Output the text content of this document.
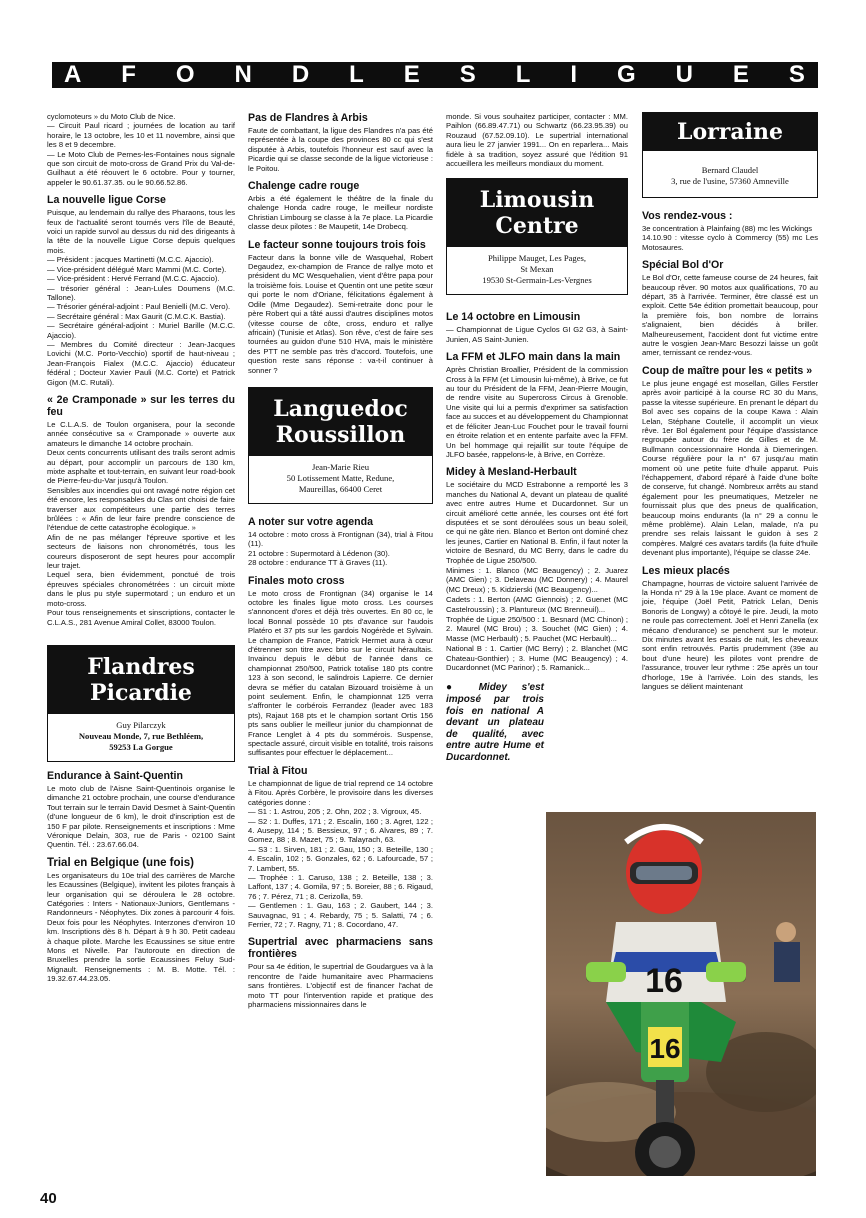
A F O N D L E S L I G U E S

cyclomoteurs » du Moto Club de Nice.
— Circuit Paul ricard ; journées de location au tarif horaire, le 13 octobre, les 10 et 11 novembre, ainsi que les 8 et 9 decembre.
— Le Moto Club de Pernes-les-Fontaines nous signale que son circuit de moto-cross de Grand Prix du Val-de-Guilhaut a été réouvert le 6 octobre. Pour y tourner, appeler le 90.61.37.35. ou le 90.66.52.86.

La nouvelle ligue Corse

Puisque, au lendemain du rallye des Pharaons, tous les feux de l'actualité seront tournés vers l'île de Beauté, voici un rapide survol au dessus du nid des dirigeants à la tête de la nouvelle Ligue Corse depuis quelques mois.
— Président : jacques Martinetti (M.C.C. Ajaccio).
— Vice-président délégué Marc Mammi (M.C. Corte).
— Vice-président : Hervé Ferrand (M.C.C. Ajaccio).
— trésorier général : Jean-Lules Doumens (M.C. Tallone).
— Trésorier général-adjoint : Paul Benielli (M.C. Vero).
— Secrétaire général : Max Gaurit (C.M.C.K. Bastia).
— Secrétaire général-adjoint : Muriel Barille (M.C.C. Ajaccio).
— Membres du Comité directeur : Jean-Jacques Lovichi (M.C. Porto-Vecchio) sportif de haut-niveau ; Jean-François Fialex (M.C.C. Ajaccio) éducateur fédéral ; Docteur Xavier Pauli (M.C. Corte) et Patrick Gigon (M.C. Rutali).

« 2e Cramponade » sur les terres du feu

Le C.L.A.S. de Toulon organisera, pour la seconde année consécutive sa « Cramponade » ouverte aux amateurs le dimanche 14 octobre prochain.
Deux cents concurrents utilisant des trails seront admis au départ, pour accomplir un parcours de 130 km, mixte asphalte et tout-terrain, en suivant leur road-book de Pierre-feu-du-Var jusqu'à Toulon.
Sensibles aux incendies qui ont ravagé notre région cet été encore, les responsables du Clas ont choisi de faire traverser aux compétiteurs une partie des terres brûlées : « Afin de leur faire prendre conscience de l'étendue de cette catastrophe écologique. »
Afin de ne pas mélanger l'épreuve sportive et les secteurs de liaisons non chronométrés, tous les coureurs disposeront de sept heures pour accomplir leur trajet.
Lequel sera, bien évidemment, ponctué de trois épreuves spéciales chronométrées : un circuit mixte dans le plus pu style supermotard ; un enduro et un moto-cross.
Pour tous renseignements et sinscriptions, contacter le C.L.A.S., 281 Avenue Amiral Collet, 83000 Toulon.

Flandres
Picardie
Guy Pilarczyk
Nouveau Monde, 7, rue Bethléem,
59253 La Gorgue
Endurance à Saint-Quentin

Le moto club de l'Aisne Saint-Quentinois organise le dimanche 21 octobre prochain, une course d'endurance Tout terrain sur le terrain David Desmet à Saint-Quentin (d'une longueur de 6 km), le droit d'inscription est de 150 F par pilote. Renseignements et inscriptions : Mme Véronique Delain, 303, rue de Paris - 02100 Saint Quentin. Tél. : 23.67.66.04.

Trial en Belgique (une fois)

Les organisateurs du 10e trial des carrières de Marche les Ecaussines (Belgique), invitent les pilotes français à leur organisation qui se déroulera le 28 octobre. Catégories : Inters - Nationaux-Juniors, Gentlemans - Randonneurs - Néophytes. Dix zones à parcourir 4 fois. Deux fois pour les Néophytes. Interzones d'environ 10 km. Inscriptions dès 8 h. Départ à 9 h 30. Petit cadeau à chaque pilote. Marche les Ecaussines se situe entre Mons et Nivelle. Par l'autoroute en direction de Bruxelles prendre la sortie Ecaussines Feluy Sud-Mignault. Renseignements : M. B. Motte. Tél. : 19.32.67.44.23.05.

Pas de Flandres à Arbis

Faute de combattant, la ligue des Flandres n'a pas été représentée à la coupe des provinces 80 cc qui s'est disputée à Arbis, toutefois l'honneur est sauf avec la Picardie qui se classe seconde de la ligue victorieuse : le Poitou.

Chalenge cadre rouge

Arbis a été également le théâtre de la finale du chalenge Honda cadre rouge, le meilleur nordiste Christian Limbourg se classe à la 7e place. La Picardie classe deux pilotes : 8e Maupetit, 14e Drobecq.

Le facteur sonne toujours trois fois

Facteur dans la bonne ville de Wasquehal, Robert Degaudez, ex-champion de France de rallye moto et président du MC Wesquehalien, vient d'être papa pour la troisième fois. Louise et Quentin ont une petite sœur qui porte le nom d'Oriane, félicitations également à Odile (Mme Degaudez). Semi-retraite donc pour le père Robert qui a tâté aussi d'autres disciplines motos (vitesse course de côte, cross, enduro et rallye africain) (Tunisie et Atlas). Son rêve, c'est de faire ses tournées au guidon d'une 510 HVA, mais le ministère des PTT ne semble pas très d'accord. Toutefois, une question reste sans réponse : va-t-il continuer à sonner ?

Languedoc
Roussillon
Jean-Marie Rieu
50 Lotissement Matte, Redune,
Maureillas, 66400 Ceret
A noter sur votre agenda

14 octobre : moto cross à Frontignan (34), trial à Fitou (11).
21 octobre : Supermotard à Lédenon (30).
28 octobre : endurance TT à Graves (11).

Finales moto cross

Le moto cross de Frontignan (34) organise le 14 octobre les finales ligue moto cross. Les courses s'annoncent d'ores et déjà très ouvertes. En 80 cc, le local Bonnal possède 10 pts d'avance sur l'audois Platéro et 37 pts sur les gardois Nogérède et Sylvain. Le champion de France, Patrick Hermet aura à cœur d'étrenner son titre avec brio sur le circuit héraultais. Invaincu depuis le début de l'année dans ce championnat 250/500, Patrick totalise 180 pts contre 123 à son second, le salindrois Lapierre. Ce dernier devra se méfier du catalan Bizouard troisième à un point seulement. Enfin, le championnat 125 verra s'affronter le corbérois Ferrandez (leader avec 183 pts), Rajaut 168 pts et le champion sortant Ortis 156 pts sans oublier le meilleur junior du championnat de France Lenglet à 4 pts du sommérois. Suspense, spectacle assuré, circuit visible en totalité, trois raisons suffisantes pour effectuer le déplacement...

Trial à Fitou

Le championnat de ligue de trial reprend ce 14 octobre à Fitou. Après Corbère, le provisoire dans les diverses catégories donne :
— S1 : 1. Astrou, 205 ; 2. Ohn, 202 ; 3. Vigroux, 45.
— S2 : 1. Duffes, 171 ; 2. Escalin, 160 ; 3. Agret, 122 ; 4. Ausepy, 114 ; 5. Bessieux, 97 ; 6. Alvares, 89 ; 7. Gomez, 88 ; 8. Mazet, 75 ; 9. Talayrach, 63.
— S3 : 1. Sirven, 181 ; 2. Gau, 150 ; 3. Beteille, 130 ; 4. Escalin, 102 ; 5. Gonzales, 62 ; 6. Lafourcade, 57 ; 7. Lambert, 55.
— Trophée : 1. Caruso, 138 ; 2. Beteille, 138 ; 3. Laffont, 137 ; 4. Gomila, 97 ; 5. Boreier, 88 ; 6. Rigaud, 76 ; 7. Pérez, 71 ; 8. Cerizolla, 59.
— Gentlemen : 1. Gau, 163 ; 2. Gaubert, 144 ; 3. Sauvagnac, 91 ; 4. Rebardy, 75 ; 5. Salatti, 74 ; 6. Ferrier, 72 ; 7. Ragny, 71 ; 8. Cocordano, 47.

Supertrial avec pharmaciens sans frontières

Pour sa 4e édition, le supertrial de Goudargues va à la rencontre de l'aide humanitaire avec Pharmaciens sans frontières. L'objectif est de financer l'achat de moto TT pour l'intervention rapide et pratique des pharmaciens missionnaires dans le

monde. Si vous souhaitez participer, contacter : MM. Paihlon (66.89.47.71) ou Schwartz (66.23.95.39) ou Rouzaud (67.52.09.10). Le supertrial international aura lieu le 27 janvier 1991... On en reparlera... Mais fidèle à sa tradition, soyez assuré que l'édition 91 accueillera les meilleurs mondiaux du moment.

Limousin
Centre
Philippe Mauget, Les Pages,
St Mexan
19530 St-Germain-Les-Vergnes
Le 14 octobre en Limousin

— Championnat de Ligue Cyclos GI G2 G3, à Saint-Junien, AS Saint-Junien.

La FFM et JLFO main dans la main

Après Christian Broallier, Président de la commission Cross à la FFM (et Limousin lui-même), à Brive, ce fut au tour du Président de la FFM, Jean-Pierre Mougin, de rendre visite au Supercross Circus à Grenoble. Une visite qui lui a permis d'exprimer sa satisfaction face au succes et au développement du Championnat et de féliciter Jean-Luc Fouchet pour le travail fourni en étroite relation et en entente parfaite avec la FFM. Un bel hommage qui rejaillit sur toute l'équipe de JLFO basée, rappelons-le, à Brive, en Corrèze.

Midey à Mesland-Herbault

Le sociétaire du MCD Estrabonne a remporté les 3 manches du National A, devant un plateau de qualité avec entre autres Hume et Ducardonnet. Sur un circuit amélioré cette année, les courses ont été fort disputées et se sont déroulées sous un beau soleil, ce qui ne gâte rien. Blanco et Berton ont dominé chez les jeunes, Cartier en National B. Enfin, il faut noter la victoire de Besnard, du MC Berry, dans le cadre du Trophée de Ligue 250/500.

Minimes : 1. Blanco (MC Beaugency) ; 2. Juarez (AMC Gien) ; 3. Delaveau (MC Donnery) ; 4. Maurel (MC Dreux) ; 5. Kidzierski (MC Beaugency)...

Cadets : 1. Berton (AMC Giennois) ; 2. Guenet (MC Castelroussin) ; 3. Plantureux (MC Brenneuil)...

Trophée de Ligue 250/500 : 1. Besnard (MC Chinon) ; 2. Maurel (MC Brou) ; 3. Souchet (MC Gien) ; 4. Masse (MC Herbault) ; 5. Pauchet (MC Herbault)...

National B : 1. Cartier (MC Berry) ; 2. Blanchet (MC Chateau-Gonthier) ; 3. Hume (MC Beaugency) ; 4. Ducardonnet (MC Parinor) ; 5. Ramanick...

● Midey s'est imposé par trois fois en national A devant un plateau de qualité, avec entre autre Hume et Ducardonnet.
Lorraine
Bernard Claudel
3, rue de l'usine, 57360 Amneville
Vos rendez-vous :

3e concentration à Plainfaing (88) mc les Wickings
14.10.90 : vitesse cyclo à Commercy (55) mc Les Motosaures.

Spécial Bol d'Or

Le Bol d'Or, cette fameuse course de 24 heures, fait beaucoup rêver. 90 motos aux qualifications, 70 au départ, 35 à l'arrivée. Terminer, être classé est un exploit. Cette 54e édition promettait beaucoup, pour la première fois, bon nombre de lorrains s'alignaient, bien décidés à briller. Malheureusement, l'accident dont fut victime entre autre le vosgien Jean-Marc Besozzi laisse un goût amer, ternissant ce rendez-vous.

Coup de maître pour les « petits »

Le plus jeune engagé est mosellan, Gilles Ferstler après avoir participé à la course RC 30 du Mans, passe la vitesse supérieure. En prenant le départ du Bol avec ses copains de la coupe Kawa : Alain Lelan, Stéphane Coutelle, il accomplit un vieux rêve. 1er Bol également pour l'équipe d'assistance regroupée autour du frère de Gilles et de M. Bullmann concessionnaire Honda à Diemeringen. Course régulière pour la n° 67 jusqu'au matin moment où une petite fuite d'huile apparut. Puis l'échappement, d'abord réparé à l'aide d'une boîte de conserve, fut changé. Nombreux arrêts au stand également pour les pneumatiques, Metzeler ne fournissait plus que des pneus de qualification, beaucoup moins endurants (la n° 29 a connu le même problème). Alain Lelan, malade, n'a pu prendre ses relais laissant le guidon à ses 2 compères. Malgré ces avatars tardifs (la fuite d'huile devenant plus importante), l'équipe se classe 24e.

Les mieux placés

Champagne, hourras de victoire saluent l'arrivée de la Honda n° 29 à la 19e place. Avant ce moment de joie, l'équipe (Joël Petit, Patrick Lelan, Denis Bonoris de Longwy) a côtoyé le pire. Jeudi, la moto ne roule pas correctement. Joël et Henri Zanella (ex mécano d'endurance) se penchent sur le moteur. Dix minutes avant les essais de nuit, les cheveaux sont enfin retrouvés. Partis prudemment (39e au bout d'une heure) les pilotes vont prendre de l'assurance, trouver leur rythme : 25e après un tour d'horloge, 19e à l'arrivée. Loin des stands, les langues se délient maintenant

16
16
40
